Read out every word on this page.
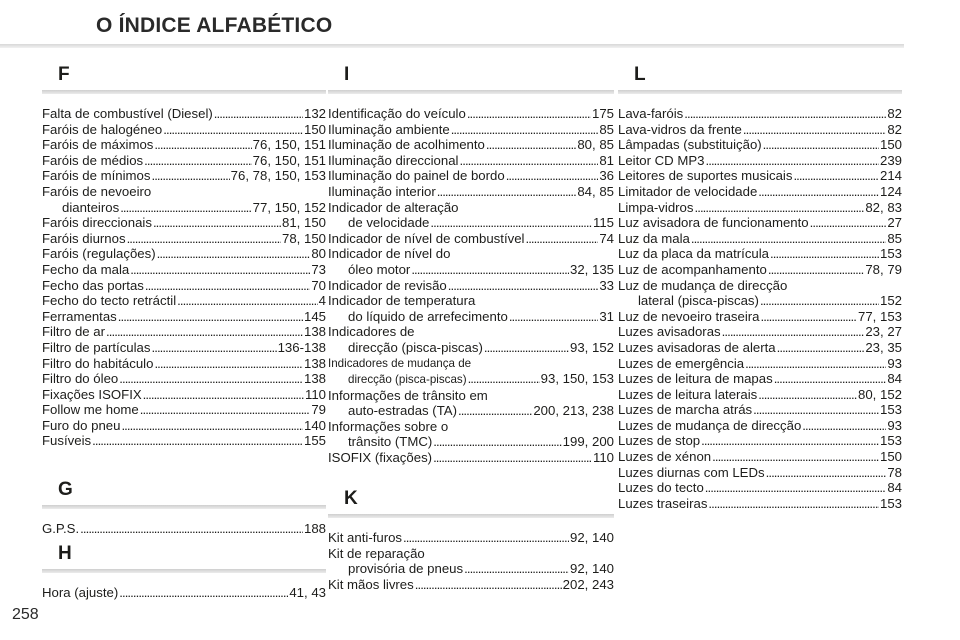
O ÍNDICE ALFABÉTICO
F
Falta de combustível (Diesel) . . .	132
Faróis de halogéneo . . .	150
Faróis de máximos . . .	76, 150, 151
Faróis de médios . . .	76, 150, 151
Faróis de mínimos . . .	76, 78, 150, 153
Faróis de nevoeiro
dianteiros . . .	77, 150, 152
Faróis direccionais . . .	81, 150
Faróis diurnos . . .	78, 150
Faróis (regulações) . . .	80
Fecho da mala . . .	73
Fecho das portas . . .	70
Fecho do tecto retráctil . . .	4
Ferramentas . . .	145
Filtro de ar . . .	138
Filtro de partículas . . .	136-138
Filtro do habitáculo . . .	138
Filtro do óleo . . .	138
Fixações ISOFIX . . .	110
Follow me home . . .	79
Furo do pneu . . .	140
Fusíveis . . .	155
G
G.P.S. . . .	188
H
Hora (ajuste) . . .	41, 43
I
Identificação do veículo . . .	175
Iluminação ambiente . . .	85
Iluminação de acolhimento . . .	80, 85
Iluminação direccional . . .	81
Iluminação do painel de bordo . . .	36
Iluminação interior . . .	84, 85
Indicador de alteração
de velocidade . . .	115
Indicador de nível de combustível . . .	74
Indicador de nível do
óleo motor . . .	32, 135
Indicador de revisão . . .	33
Indicador de temperatura
do líquido de arrefecimento . . .	31
Indicadores de
direcção (pisca-piscas) . . .	93, 152
Indicadores de mudança de
direcção (pisca-piscas) . . .	93, 150, 153
Informações de trânsito em
auto-estradas (TA) . . .	200, 213, 238
Informações sobre o
trânsito (TMC) . . .	199, 200
ISOFIX (fixações) . . .	110
K
Kit anti-furos . . .	92, 140
Kit de reparação
provisória de pneus . . .	92, 140
Kit mãos livres . . .	202, 243
L
Lava-faróis . . .	82
Lava-vidros da frente . . .	82
Lâmpadas (substituição) . . .	150
Leitor CD MP3 . . .	239
Leitores de suportes musicais . . .	214
Limitador de velocidade . . .	124
Limpa-vidros . . .	82, 83
Luz avisadora de funcionamento . . .	27
Luz da mala . . .	85
Luz da placa da matrícula . . .	153
Luz de acompanhamento . . .	78, 79
Luz de mudança de direcção
lateral (pisca-piscas) . . .	152
Luz de nevoeiro traseira . . .	77, 153
Luzes avisadoras . . .	23, 27
Luzes avisadoras de alerta . . .	23, 35
Luzes de emergência . . .	93
Luzes de leitura de mapas . . .	84
Luzes de leitura laterais . . .	80, 152
Luzes de marcha atrás . . .	153
Luzes de mudança de direcção . . .	93
Luzes de stop . . .	153
Luzes de xénon . . .	150
Luzes diurnas com LEDs . . .	78
Luzes do tecto . . .	84
Luzes traseiras . . .	153
258
